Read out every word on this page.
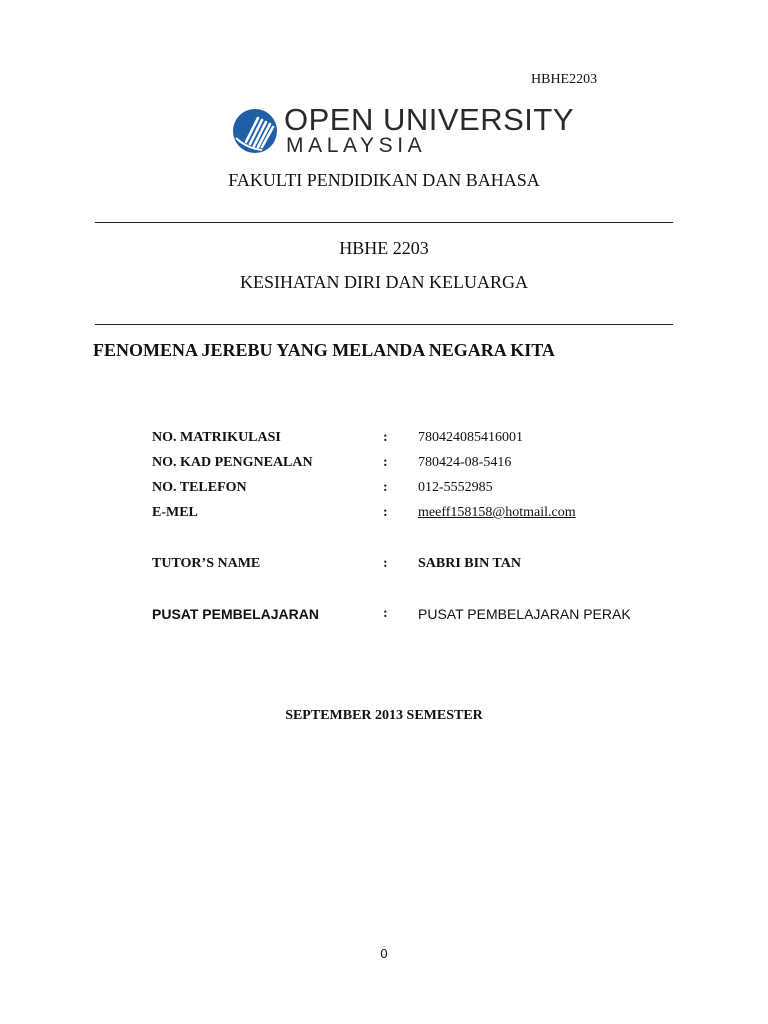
HBHE2203
OPEN UNIVERSITY
MALAYSIA
FAKULTI PENDIDIKAN DAN BAHASA
HBHE 2203
KESIHATAN DIRI DAN KELUARGA
FENOMENA JEREBU YANG MELANDA NEGARA KITA
NO. MATRIKULASI	: 780424085416001
NO. KAD PENGNEALAN	: 780424-08-5416
NO. TELEFON	: 012-5552985
E-MEL	: meeff158158@hotmail.com
TUTOR’S NAME	: SABRI BIN TAN
PUSAT PEMBELAJARAN	: PUSAT PEMBELAJARAN PERAK
SEPTEMBER 2013 SEMESTER
0
